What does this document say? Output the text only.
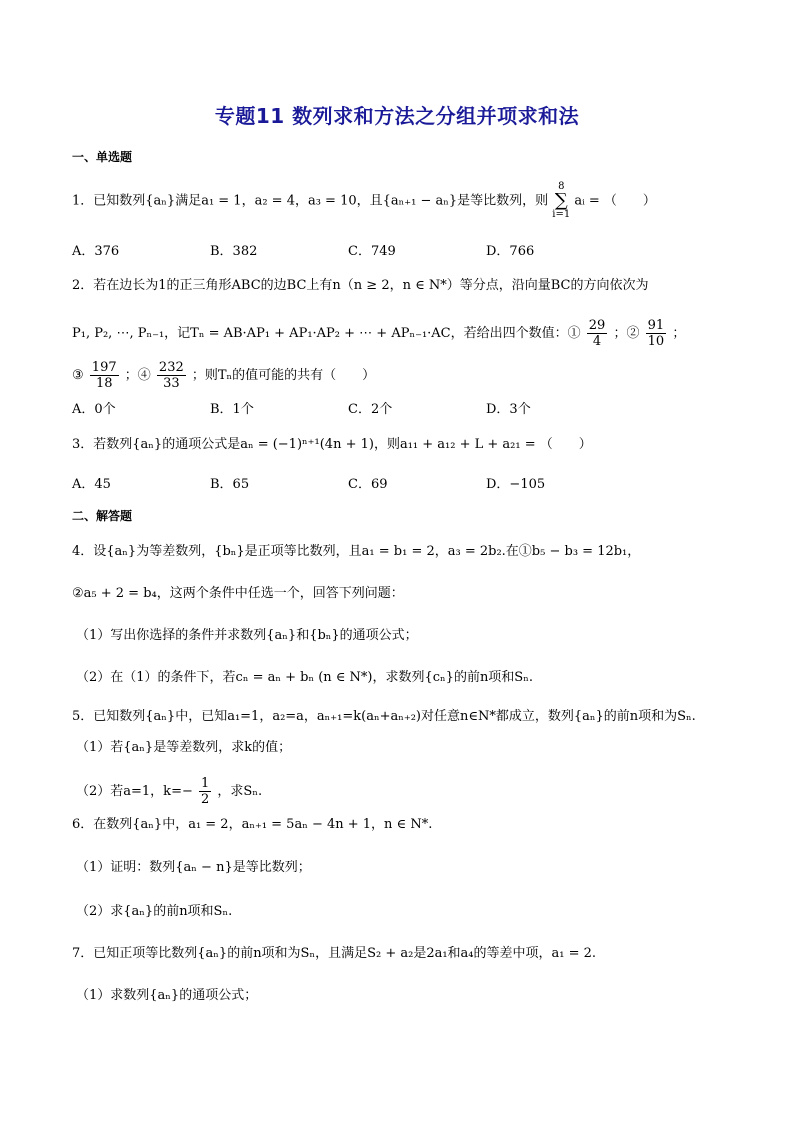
专题11 数列求和方法之分组并项求和法
一、单选题
1．已知数列{aₙ}满足a₁ = 1，a₂ = 4，a₃ = 10，且{aₙ₊₁ − aₙ}是等比数列，则 8
∑
i=1 aᵢ = （　　）
A．376	B．382	C．749	D．766
2．若在边长为1的正三角形ABC的边BC上有n（n ≥ 2，n ∈ N*）等分点，沿向量BC的方向依次为
P₁, P₂, ⋯, Pₙ₋₁，记Tₙ = AB·AP₁ + AP₁·AP₂ + ⋯ + APₙ₋₁·AC，若给出四个数值：① $\frac{29}{4}$ ；② $\frac{91}{10}$ ；
③ $\frac{197}{18}$ ；④ $\frac{232}{33}$ ；则Tₙ的值可能的共有（　　）
A．0个	B．1个	C．2个	D．3个
3．若数列{aₙ}的通项公式是aₙ = (−1)ⁿ⁺¹(4n + 1)，则a₁₁ + a₁₂ + L + a₂₁ = （　　）
A．45	B．65	C．69	D．−105
二、解答题
4．设{aₙ}为等差数列，{bₙ}是正项等比数列，且a₁ = b₁ = 2，a₃ = 2b₂.在①b₅ − b₃ = 12b₁，
②a₅ + 2 = b₄，这两个条件中任选一个，回答下列问题：
（1）写出你选择的条件并求数列{aₙ}和{bₙ}的通项公式；
（2）在（1）的条件下，若cₙ = aₙ + bₙ (n ∈ N*)，求数列{cₙ}的前n项和Sₙ.
5．已知数列{aₙ}中，已知a₁=1，a₂=a，aₙ₊₁=k(aₙ+aₙ₊₂)对任意n∈N*都成立，数列{aₙ}的前n项和为Sₙ.
（1）若{aₙ}是等差数列，求k的值；
（2）若a=1，$k=- \frac{1}{2}$ ，求Sₙ.
6．在数列{aₙ}中，a₁ = 2，aₙ₊₁ = 5aₙ − 4n + 1，n ∈ N*.
（1）证明：数列{aₙ − n}是等比数列；
（2）求{aₙ}的前n项和Sₙ.
7．已知正项等比数列{aₙ}的前n项和为Sₙ，且满足S₂ + a₂是2a₁和a₄的等差中项，a₁ = 2.
（1）求数列{aₙ}的通项公式；
